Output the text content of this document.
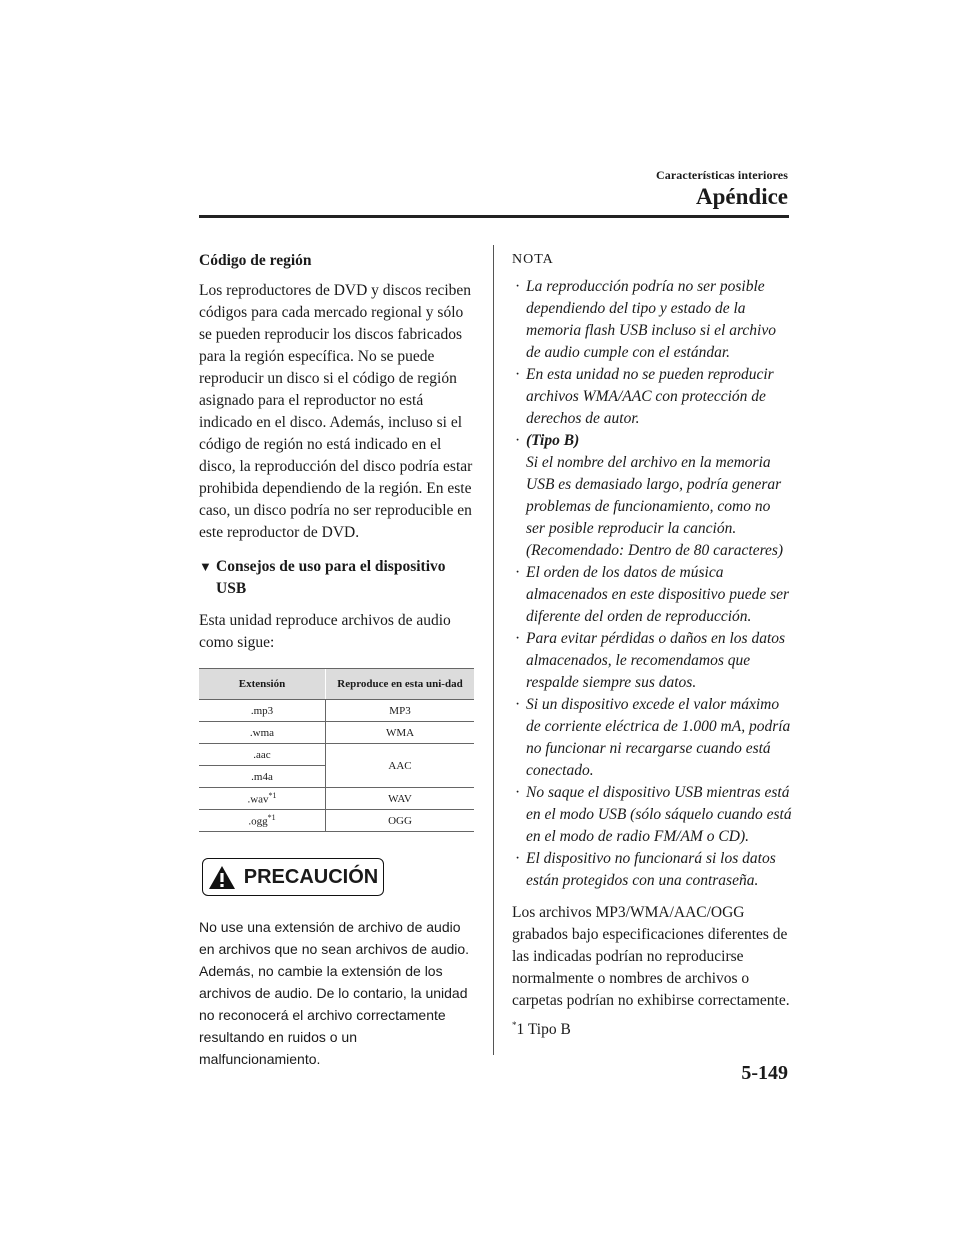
Características interiores
Apéndice

Código de región

Los reproductores de DVD y discos reciben códigos para cada mercado regional y sólo se pueden reproducir los discos fabricados para la región específica. No se puede reproducir un disco si el código de región asignado para el reproductor no está indicado en el disco. Además, incluso si el código de región no está indicado en el disco, la reproducción del disco podría estar prohibida dependiendo de la región. En este caso, un disco podría no ser reproducible en este reproductor de DVD.

▼ Consejos de uso para el dispositivo USB

Esta unidad reproduce archivos de audio como sigue:

Extensión	Reproduce en esta uni-dad
.mp3	MP3
.wma	WMA
.aac	AAC
.m4a	
.wav$^{*1}$	WAV
.ogg$^{*1}$	OGG
PRECAUCIÓN
No use una extensión de archivo de audio en archivos que no sean archivos de audio. Además, no cambie la extensión de los archivos de audio. De lo contario, la unidad no reconocerá el archivo correctamente resultando en ruidos o un malfuncionamiento.

NOTA

· La reproducción podría no ser posible dependiendo del tipo y estado de la memoria flash USB incluso si el archivo de audio cumple con el estándar.
· En esta unidad no se pueden reproducir archivos WMA/AAC con protección de derechos de autor.
· (Tipo B)
Si el nombre del archivo en la memoria USB es demasiado largo, podría generar problemas de funcionamiento, como no ser posible reproducir la canción.
(Recomendado: Dentro de 80 caracteres)
· El orden de los datos de música almacenados en este dispositivo puede ser diferente del orden de reproducción.
· Para evitar pérdidas o daños en los datos almacenados, le recomendamos que respalde siempre sus datos.
· Si un dispositivo excede el valor máximo de corriente eléctrica de 1.000 mA, podría no funcionar ni recargarse cuando está conectado.
· No saque el dispositivo USB mientras está en el modo USB (sólo sáquelo cuando está en el modo de radio FM/AM o CD).
· El dispositivo no funcionará si los datos están protegidos con una contraseña.

Los archivos MP3/WMA/AAC/OGG grabados bajo especificaciones diferentes de las indicadas podrían no reproducirse normalmente o nombres de archivos o carpetas podrían no exhibirse correctamente.

*1 Tipo B
5-149
